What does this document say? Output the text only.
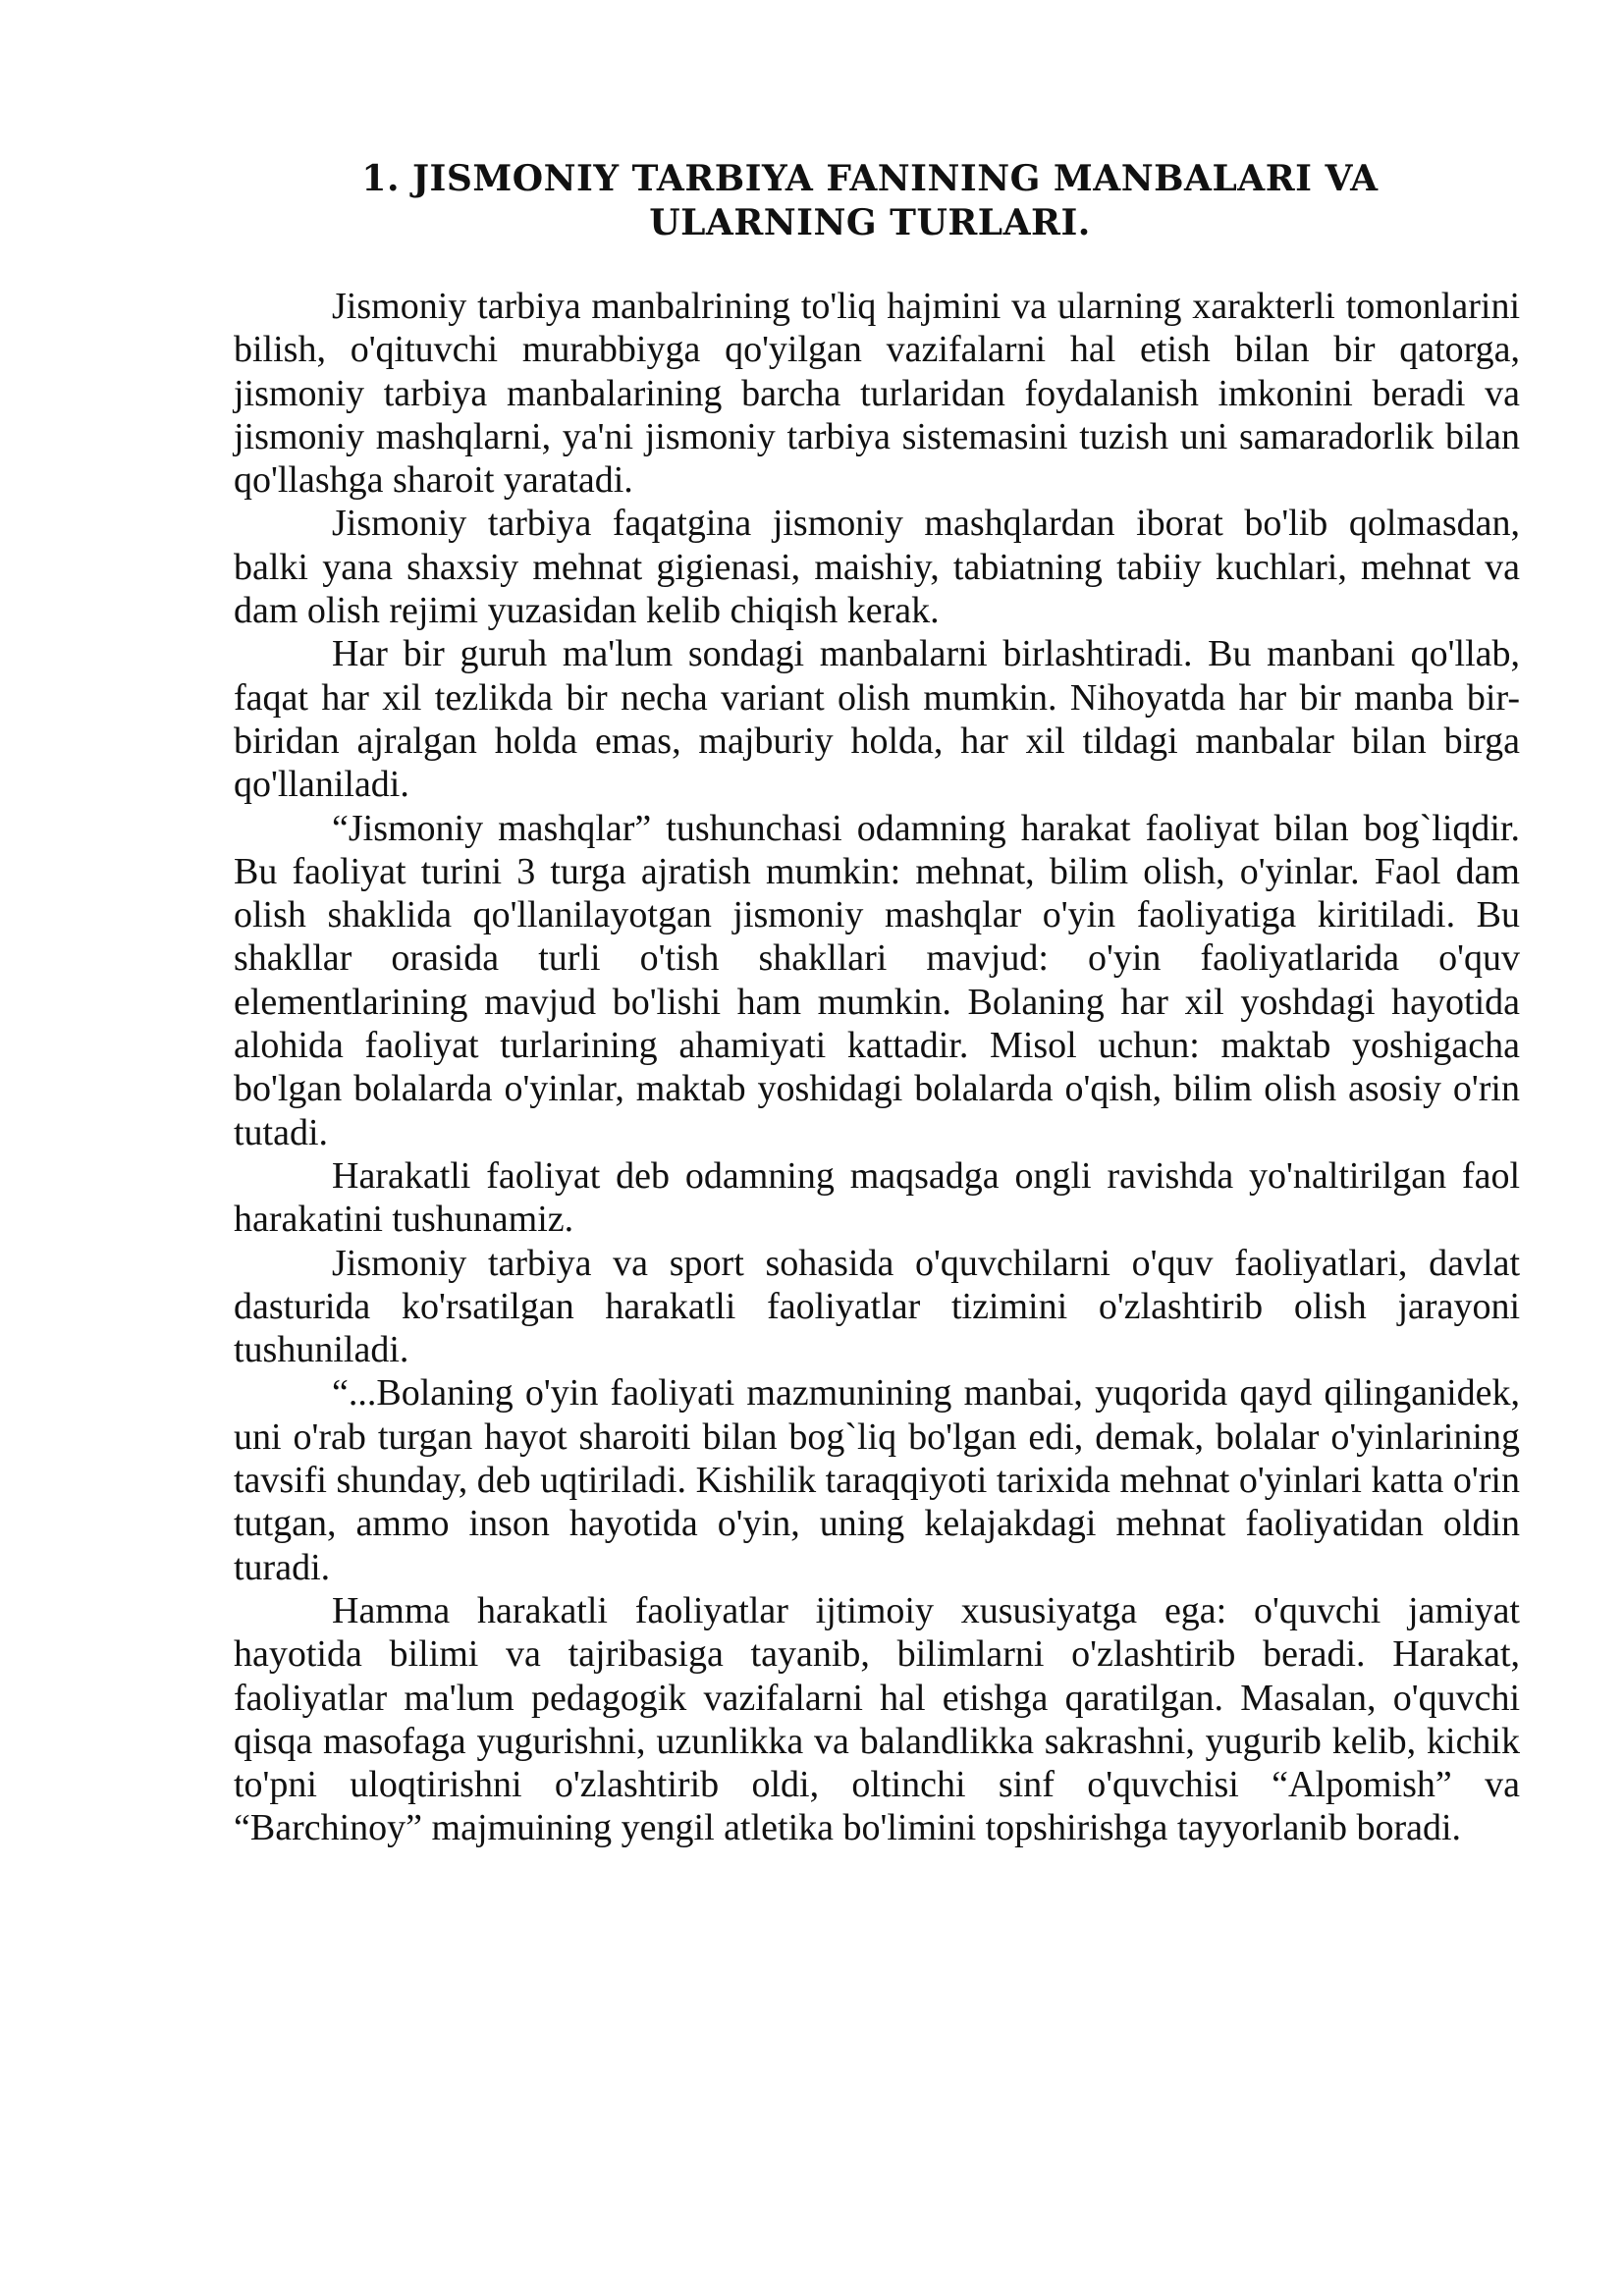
1. JISMONIY TARBIYA FANINING MANBALARI VA
ULARNING TURLARI.

Jismoniy tarbiya manbalrining to'liq hajmini va ularning xarakterli tomonlarini bilish, o'qituvchi murabbiyga qo'yilgan vazifalarni hal etish bilan bir qatorga, jismoniy tarbiya manbalarining barcha turlaridan foydalanish imkonini beradi va jismoniy mashqlarni, ya'ni jismoniy tarbiya sistemasini tuzish uni samaradorlik bilan qo'llashga sharoit yaratadi.

Jismoniy tarbiya faqatgina jismoniy mashqlardan iborat bo'lib qolmasdan, balki yana shaxsiy mehnat gigienasi, maishiy, tabiatning tabiiy kuchlari, mehnat va dam olish rejimi yuzasidan kelib chiqish kerak.

Har bir guruh ma'lum sondagi manbalarni birlashtiradi. Bu manbani qo'llab, faqat har xil tezlikda bir necha variant olish mumkin. Nihoyatda har bir manba bir-biridan ajralgan holda emas, majburiy holda, har xil tildagi manbalar bilan birga qo'llaniladi.

“Jismoniy mashqlar” tushunchasi odamning harakat faoliyat bilan bog`liqdir. Bu faoliyat turini 3 turga ajratish mumkin: mehnat, bilim olish, o'yinlar. Faol dam olish shaklida qo'llanilayotgan jismoniy mashqlar o'yin faoliyatiga kiritiladi. Bu shakllar orasida turli o'tish shakllari mavjud: o'yin faoliyatlarida o'quv elementlarining mavjud bo'lishi ham mumkin. Bolaning har xil yoshdagi hayotida alohida faoliyat turlarining ahamiyati kattadir. Misol uchun: maktab yoshigacha bo'lgan bolalarda o'yinlar, maktab yoshidagi bolalarda o'qish, bilim olish asosiy o'rin tutadi.

Harakatli faoliyat deb odamning maqsadga ongli ravishda yo'naltirilgan faol harakatini tushunamiz.

Jismoniy tarbiya va sport sohasida o'quvchilarni o'quv faoliyatlari, davlat dasturida ko'rsatilgan harakatli faoliyatlar tizimini o'zlashtirib olish jarayoni tushuniladi.

“...Bolaning o'yin faoliyati mazmunining manbai, yuqorida qayd qilinganidek, uni o'rab turgan hayot sharoiti bilan bog`liq bo'lgan edi, demak, bolalar o'yinlarining tavsifi shunday, deb uqtiriladi. Kishilik taraqqiyoti tarixida mehnat o'yinlari katta o'rin tutgan, ammo inson hayotida o'yin, uning kelajakdagi mehnat faoliyatidan oldin turadi.

Hamma harakatli faoliyatlar ijtimoiy xususiyatga ega: o'quvchi jamiyat hayotida bilimi va tajribasiga tayanib, bilimlarni o'zlashtirib beradi. Harakat, faoliyatlar ma'lum pedagogik vazifalarni hal etishga qaratilgan. Masalan, o'quvchi qisqa masofaga yugurishni, uzunlikka va balandlikka sakrashni, yugurib kelib, kichik to'pni uloqtirishni o'zlashtirib oldi, oltinchi sinf o'quvchisi “Alpomish” va “Barchinoy” majmuining yengil atletika bo'limini topshirishga tayyorlanib boradi.
